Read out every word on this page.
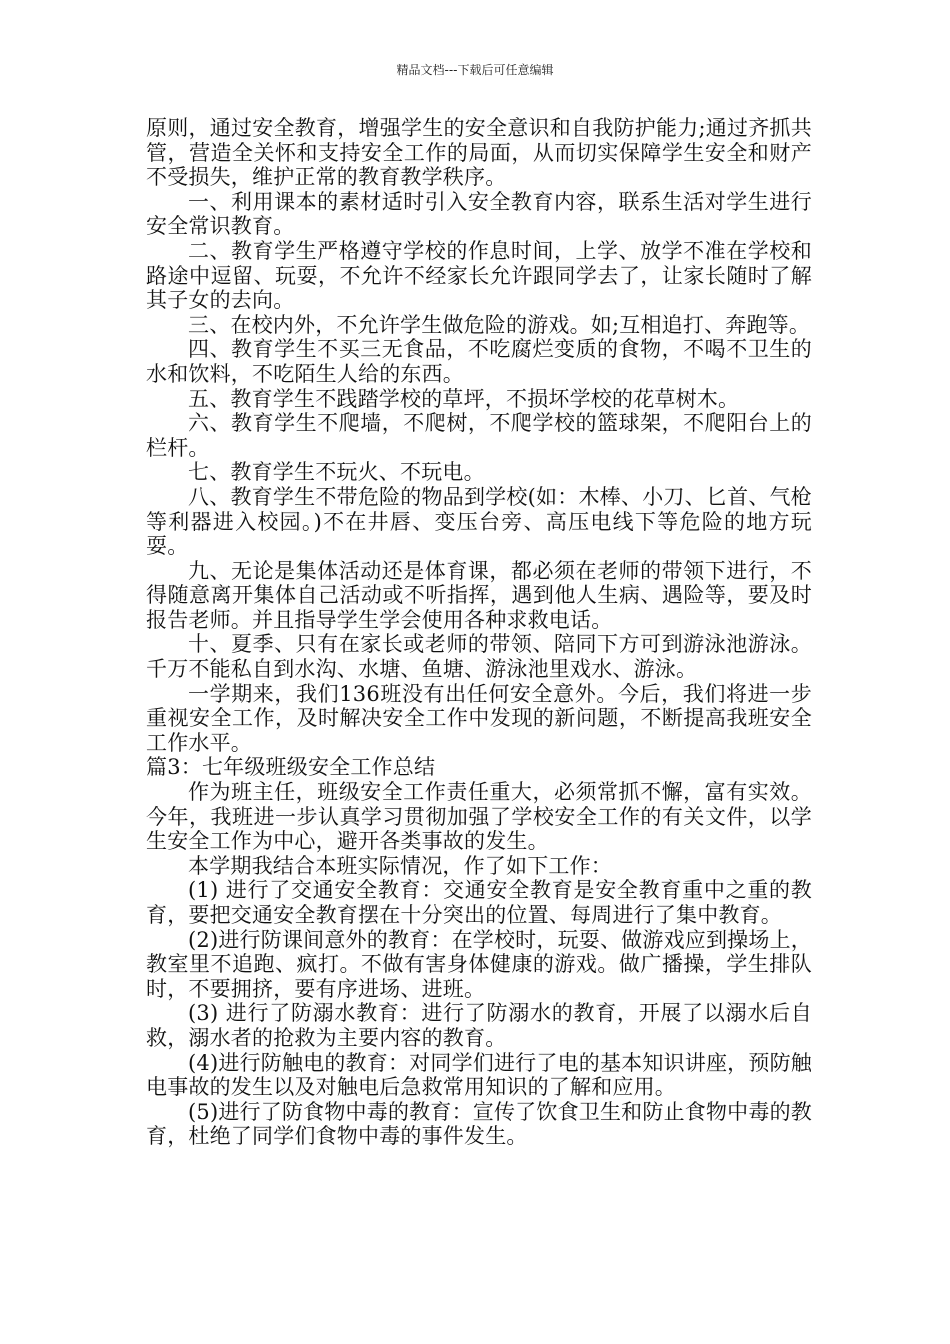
精品文档---下载后可任意编辑

原则，通过安全教育，增强学生的安全意识和自我防护能力;通过齐抓共管，营造全关怀和支持安全工作的局面，从而切实保障学生安全和财产不受损失，维护正常的教育教学秩序。

一、利用课本的素材适时引入安全教育内容，联系生活对学生进行安全常识教育。

二、教育学生严格遵守学校的作息时间，上学、放学不准在学校和路途中逗留、玩耍，不允许不经家长允许跟同学去了，让家长随时了解其子女的去向。

三、在校内外，不允许学生做危险的游戏。如;互相追打、奔跑等。

四、教育学生不买三无食品，不吃腐烂变质的食物，不喝不卫生的水和饮料，不吃陌生人给的东西。

五、教育学生不践踏学校的草坪，不损坏学校的花草树木。

六、教育学生不爬墙，不爬树，不爬学校的篮球架，不爬阳台上的栏杆。

七、教育学生不玩火、不玩电。

八、教育学生不带危险的物品到学校(如：木棒、小刀、匕首、气枪等利器进入校园。)不在井唇、变压台旁、高压电线下等危险的地方玩耍。

九、无论是集体活动还是体育课，都必须在老师的带领下进行，不得随意离开集体自己活动或不听指挥，遇到他人生病、遇险等，要及时报告老师。并且指导学生学会使用各种求救电话。

十、夏季、只有在家长或老师的带领、陪同下方可到游泳池游泳。千万不能私自到水沟、水塘、鱼塘、游泳池里戏水、游泳。

一学期来，我们136班没有出任何安全意外。今后，我们将进一步重视安全工作，及时解决安全工作中发现的新问题，不断提高我班安全工作水平。

篇3：七年级班级安全工作总结

作为班主任，班级安全工作责任重大，必须常抓不懈，富有实效。今年，我班进一步认真学习贯彻加强了学校安全工作的有关文件，以学生安全工作为中心，避开各类事故的发生。

本学期我结合本班实际情况，作了如下工作：

(1) 进行了交通安全教育：交通安全教育是安全教育重中之重的教育，要把交通安全教育摆在十分突出的位置、每周进行了集中教育。

(2)进行防课间意外的教育：在学校时，玩耍、做游戏应到操场上，教室里不追跑、疯打。不做有害身体健康的游戏。做广播操，学生排队时，不要拥挤，要有序进场、进班。

(3) 进行了防溺水教育：进行了防溺水的教育，开展了以溺水后自救，溺水者的抢救为主要内容的教育。

(4)进行防触电的教育：对同学们进行了电的基本知识讲座，预防触电事故的发生以及对触电后急救常用知识的了解和应用。

(5)进行了防食物中毒的教育：宣传了饮食卫生和防止食物中毒的教育，杜绝了同学们食物中毒的事件发生。
